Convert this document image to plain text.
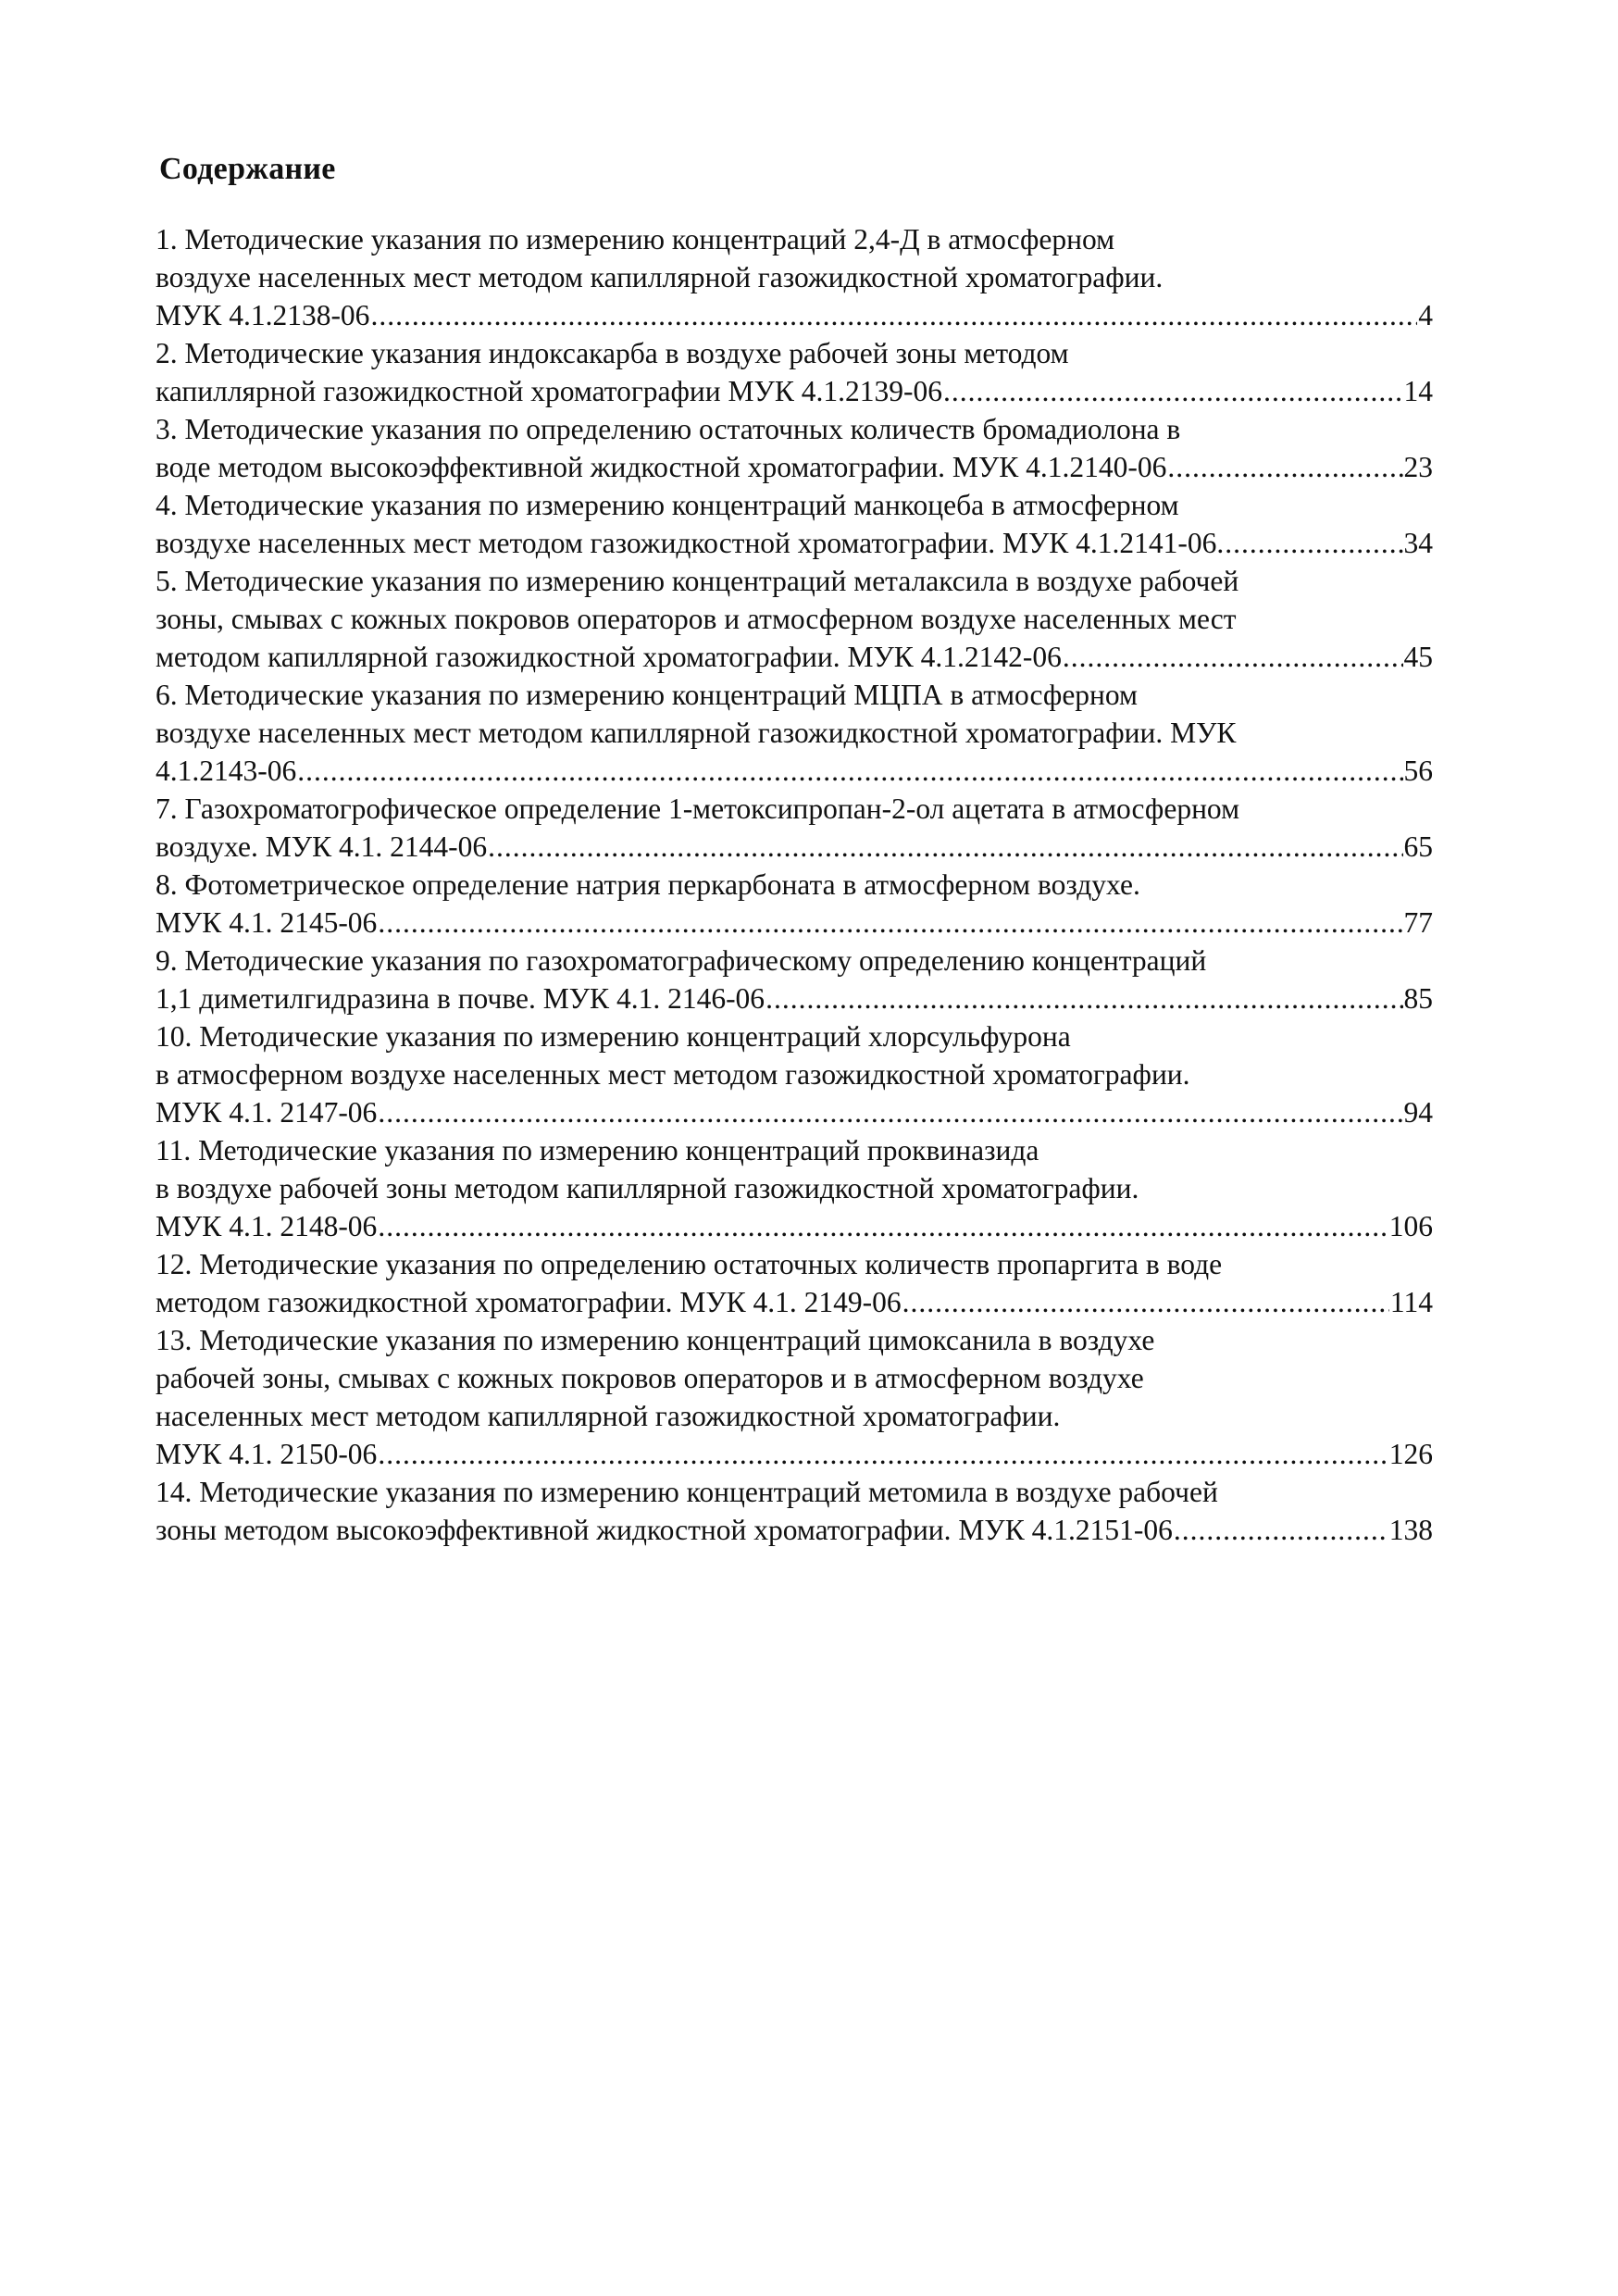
Содержание
1. Методические указания по измерению концентраций 2,4-Д в атмосферном
воздухе населенных мест методом капиллярной газожидкостной хроматографии.
МУК 4.1.2138-06 .....	4
2. Методические указания индоксакарба в воздухе рабочей зоны методом
капиллярной газожидкостной хроматографии МУК 4.1.2139-06 .....	14
3. Методические указания по определению остаточных количеств бромадиолона в
воде методом высокоэффективной жидкостной хроматографии. МУК 4.1.2140-06 .....	23
4. Методические указания по измерению концентраций манкоцеба в атмосферном
воздухе населенных мест методом газожидкостной хроматографии. МУК 4.1.2141-06. .....	34
5. Методические указания по измерению концентраций металаксила в воздухе рабочей
зоны, смывах с кожных покровов операторов и атмосферном воздухе населенных мест
методом капиллярной газожидкостной хроматографии. МУК 4.1.2142-06 .....	45
6. Методические указания по измерению концентраций МЦПА в атмосферном
воздухе населенных мест методом капиллярной газожидкостной хроматографии. МУК
4.1.2143-06 .....	56
7. Газохроматогрофическое определение 1-метоксипропан-2-ол ацетата в атмосферном
воздухе. МУК 4.1. 2144-06 .....	65
8. Фотометрическое определение натрия перкарбоната в атмосферном воздухе.
МУК 4.1. 2145-06 .....	77
9. Методические указания по газохроматографическому определению концентраций
1,1 диметилгидразина в почве. МУК 4.1. 2146-06 .....	85
10. Методические указания по измерению концентраций хлорсульфурона
в атмосферном воздухе населенных мест методом газожидкостной хроматографии.
МУК 4.1. 2147-06 .....	94
11. Методические указания по измерению концентраций проквиназида
в воздухе рабочей зоны методом капиллярной газожидкостной хроматографии.
МУК 4.1. 2148-06 .....	106
12. Методические указания по определению остаточных количеств пропаргита в воде
методом газожидкостной хроматографии. МУК 4.1. 2149-06 .....	114
13. Методические указания по измерению концентраций цимоксанила в воздухе
рабочей зоны, смывах с кожных покровов операторов и в атмосферном воздухе
населенных мест методом капиллярной газожидкостной хроматографии.
МУК 4.1. 2150-06 .....	126
14. Методические указания по измерению концентраций метомила в воздухе рабочей
зоны методом высокоэффективной жидкостной хроматографии. МУК 4.1.2151-06 .....	138
